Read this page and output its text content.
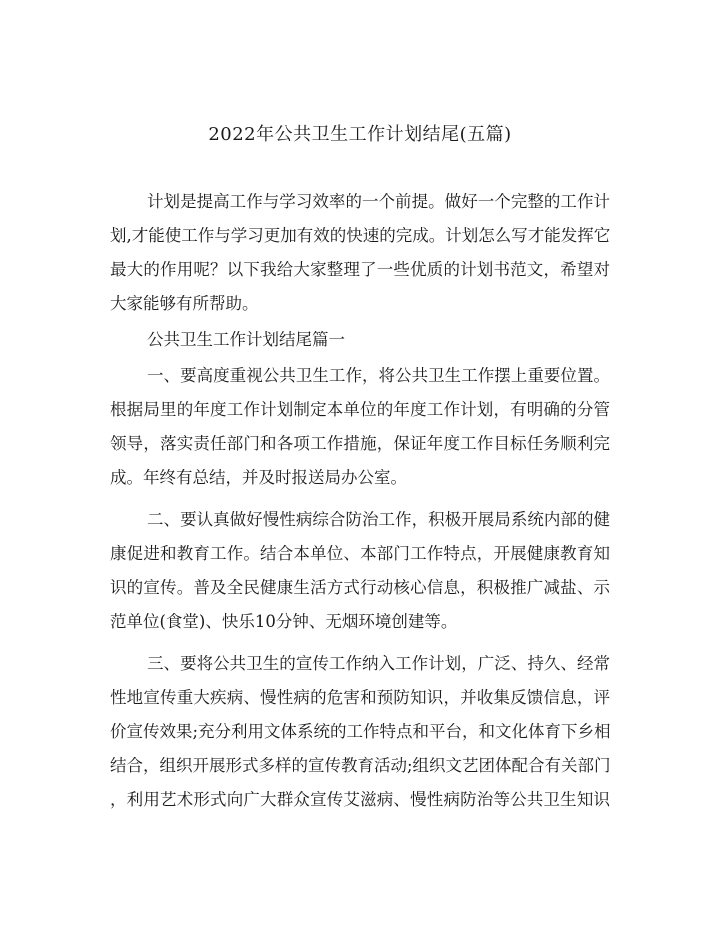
2022年公共卫生工作计划结尾(五篇)
计划是提高工作与学习效率的一个前提。做好一个完整的工作计
划,才能使工作与学习更加有效的快速的完成。计划怎么写才能发挥它
最大的作用呢？以下我给大家整理了一些优质的计划书范文，希望对
大家能够有所帮助。
公共卫生工作计划结尾篇一
一、要高度重视公共卫生工作，将公共卫生工作摆上重要位置。
根据局里的年度工作计划制定本单位的年度工作计划，有明确的分管
领导，落实责任部门和各项工作措施，保证年度工作目标任务顺利完
成。年终有总结，并及时报送局办公室。
二、要认真做好慢性病综合防治工作，积极开展局系统内部的健
康促进和教育工作。结合本单位、本部门工作特点，开展健康教育知
识的宣传。普及全民健康生活方式行动核心信息，积极推广减盐、示
范单位(食堂)、快乐10分钟、无烟环境创建等。
三、要将公共卫生的宣传工作纳入工作计划，广泛、持久、经常
性地宣传重大疾病、慢性病的危害和预防知识，并收集反馈信息，评
价宣传效果;充分利用文体系统的工作特点和平台，和文化体育下乡相
结合，组织开展形式多样的宣传教育活动;组织文艺团体配合有关部门
，利用艺术形式向广大群众宣传艾滋病、慢性病防治等公共卫生知识
